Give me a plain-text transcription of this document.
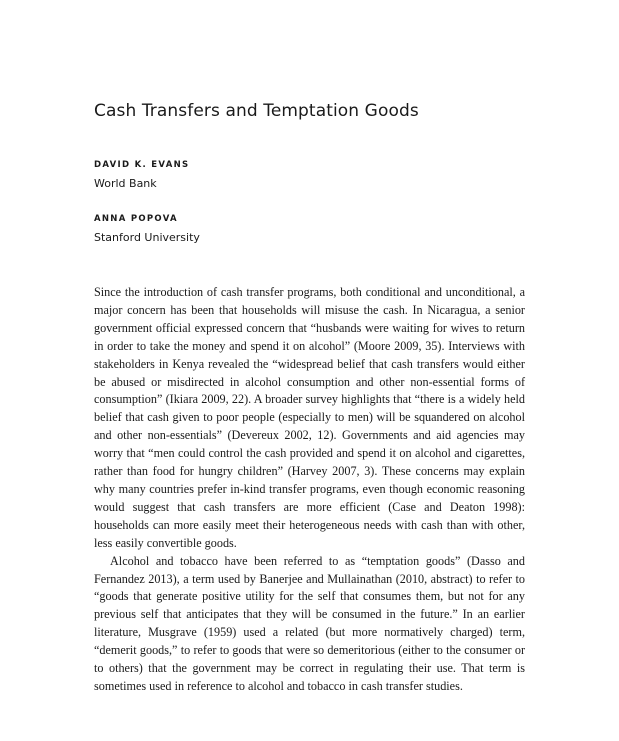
Cash Transfers and Temptation Goods
DAVID K. EVANS
World Bank
ANNA POPOVA
Stanford University

Since the introduction of cash transfer programs, both conditional and unconditional, a major concern has been that households will misuse the cash. In Nicaragua, a senior government official expressed concern that “husbands were waiting for wives to return in order to take the money and spend it on alcohol” (Moore 2009, 35). Interviews with stakeholders in Kenya revealed the “widespread belief that cash transfers would either be abused or misdirected in alcohol consumption and other non-essential forms of consumption” (Ikiara 2009, 22). A broader survey highlights that “there is a widely held belief that cash given to poor people (especially to men) will be squandered on alcohol and other non-essentials” (Devereux 2002, 12). Governments and aid agencies may worry that “men could control the cash provided and spend it on alcohol and cigarettes, rather than food for hungry children” (Harvey 2007, 3). These concerns may explain why many countries prefer in-kind transfer programs, even though economic reasoning would suggest that cash transfers are more efficient (Case and Deaton 1998): households can more easily meet their heterogeneous needs with cash than with other, less easily convertible goods.

Alcohol and tobacco have been referred to as “temptation goods” (Dasso and Fernandez 2013), a term used by Banerjee and Mullainathan (2010, abstract) to refer to “goods that generate positive utility for the self that consumes them, but not for any previous self that anticipates that they will be consumed in the future.” In an earlier literature, Musgrave (1959) used a related (but more normatively charged) term, “demerit goods,” to refer to goods that were so demeritorious (either to the consumer or to others) that the government may be correct in regulating their use. That term is sometimes used in reference to alcohol and tobacco in cash transfer studies.
